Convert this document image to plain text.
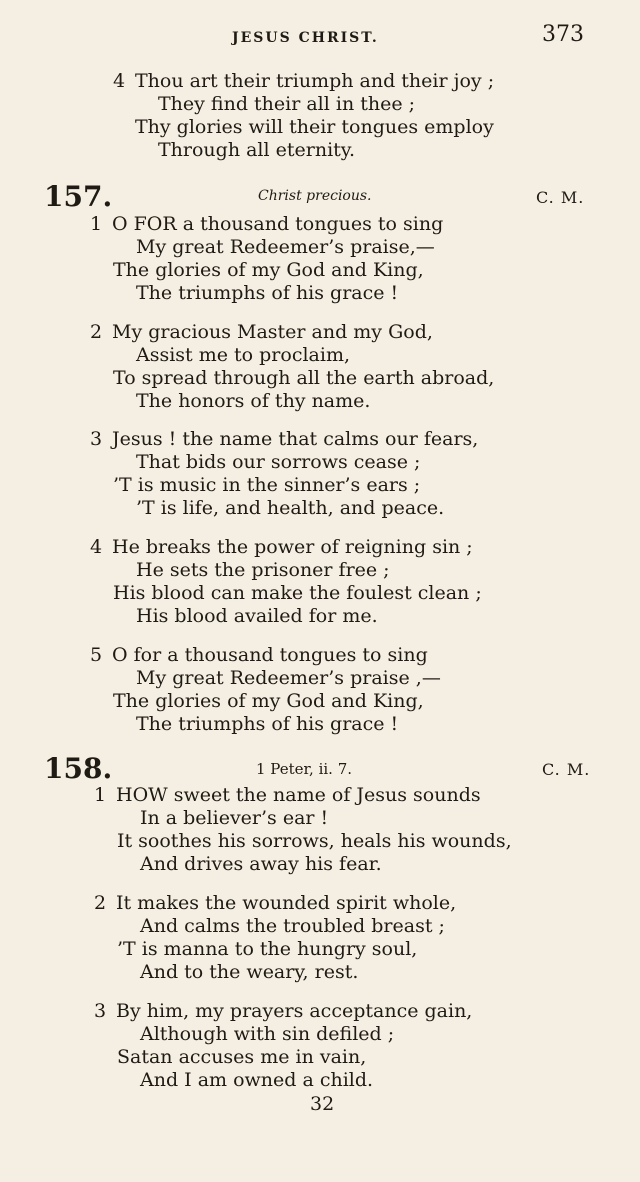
JESUS CHRIST.	373
4 Thou art their triumph and their joy ;
They find their all in thee ;
Thy glories will their tongues employ
Through all eternity.
157.	Christ precious.	C. M.
1 O FOR a thousand tongues to sing
My great Redeemer’s praise,—
The glories of my God and King,
The triumphs of his grace !
2 My gracious Master and my God,
Assist me to proclaim,
To spread through all the earth abroad,
The honors of thy name.
3 Jesus ! the name that calms our fears,
That bids our sorrows cease ;
’T is music in the sinner’s ears ;
’T is life, and health, and peace.
4 He breaks the power of reigning sin ;
He sets the prisoner free ;
His blood can make the foulest clean ;
His blood availed for me.
5 O for a thousand tongues to sing
My great Redeemer’s praise ,—
The glories of my God and King,
The triumphs of his grace !
158.	1 Peter, ii. 7.	C. M.
1 HOW sweet the name of Jesus sounds
In a believer’s ear !
It soothes his sorrows, heals his wounds,
And drives away his fear.
2 It makes the wounded spirit whole,
And calms the troubled breast ;
’T is manna to the hungry soul,
And to the weary, rest.
3 By him, my prayers acceptance gain,
Although with sin defiled ;
Satan accuses me in vain,
And I am owned a child.
32
